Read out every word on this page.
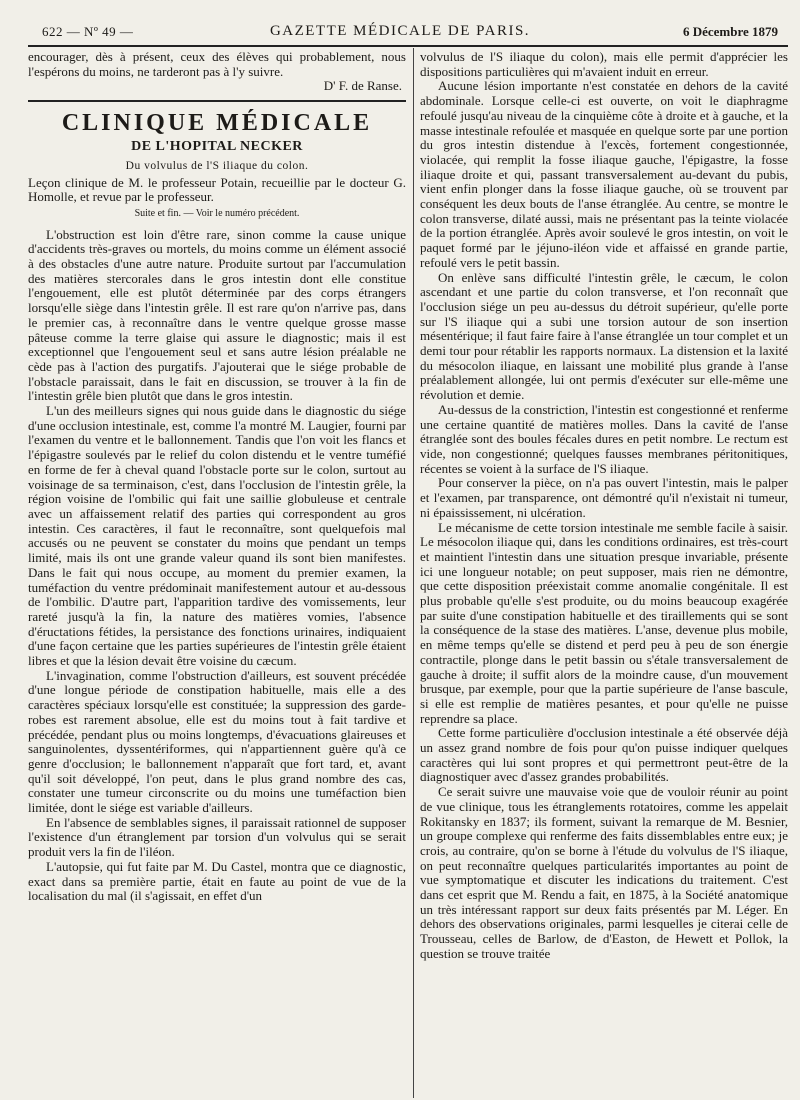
622 — Nº 49 —	GAZETTE MÉDICALE DE PARIS.	6 Décembre 1879

encourager, dès à présent, ceux des élèves qui probablement, nous l'espérons du moins, ne tarderont pas à l'y suivre.

D' F. de Ranse.
CLINIQUE MÉDICALE
DE L'HOPITAL NECKER
Du volvulus de l'S iliaque du colon.

Leçon clinique de M. le professeur Potain, recueillie par le docteur G. Homolle, et revue par le professeur.

Suite et fin. — Voir le numéro précédent.

L'obstruction est loin d'être rare, sinon comme la cause unique d'accidents très-graves ou mortels, du moins comme un élément associé à des obstacles d'une autre nature. Produite surtout par l'accumulation des matières stercorales dans le gros intestin dont elle constitue l'engouement, elle est plutôt déterminée par des corps étrangers lorsqu'elle siège dans l'intestin grêle. Il est rare qu'on n'arrive pas, dans le premier cas, à reconnaître dans le ventre quelque grosse masse pâteuse comme la terre glaise qui assure le diagnostic; mais il est exceptionnel que l'engouement seul et sans autre lésion préalable ne cède pas à l'action des purgatifs. J'ajouterai que le siége probable de l'obstacle paraissait, dans le fait en discussion, se trouver à la fin de l'intestin grêle bien plutôt que dans le gros intestin.

L'un des meilleurs signes qui nous guide dans le diagnostic du siége d'une occlusion intestinale, est, comme l'a montré M. Laugier, fourni par l'examen du ventre et le ballonnement. Tandis que l'on voit les flancs et l'épigastre soulevés par le relief du colon distendu et le ventre tuméfié en forme de fer à cheval quand l'obstacle porte sur le colon, surtout au voisinage de sa terminaison, c'est, dans l'occlusion de l'intestin grêle, la région voisine de l'ombilic qui fait une saillie globuleuse et centrale avec un affaissement relatif des parties qui correspondent au gros intestin. Ces caractères, il faut le reconnaître, sont quelquefois mal accusés ou ne peuvent se constater du moins que pendant un temps limité, mais ils ont une grande valeur quand ils sont bien manifestes. Dans le fait qui nous occupe, au moment du premier examen, la tuméfaction du ventre prédominait manifestement autour et au-dessous de l'ombilic. D'autre part, l'apparition tardive des vomissements, leur rareté jusqu'à la fin, la nature des matières vomies, l'absence d'éructations fétides, la persistance des fonctions urinaires, indiquaient d'une façon certaine que les parties supérieures de l'intestin grêle étaient libres et que la lésion devait être voisine du cæcum.

L'invagination, comme l'obstruction d'ailleurs, est souvent précédée d'une longue période de constipation habituelle, mais elle a des caractères spéciaux lorsqu'elle est constituée; la suppression des garde-robes est rarement absolue, elle est du moins tout à fait tardive et précédée, pendant plus ou moins longtemps, d'évacuations glaireuses et sanguinolentes, dyssentériformes, qui n'appartiennent guère qu'à ce genre d'occlusion; le ballonnement n'apparaît que fort tard, et, avant qu'il soit développé, l'on peut, dans le plus grand nombre des cas, constater une tumeur circonscrite ou du moins une tuméfaction bien limitée, dont le siége est variable d'ailleurs.

En l'absence de semblables signes, il paraissait rationnel de supposer l'existence d'un étranglement par torsion d'un volvulus qui se serait produit vers la fin de l'iléon.

L'autopsie, qui fut faite par M. Du Castel, montra que ce diagnostic, exact dans sa première partie, était en faute au point de vue de la localisation du mal (il s'agissait, en effet d'un

volvulus de l'S iliaque du colon), mais elle permit d'apprécier les dispositions particulières qui m'avaient induit en erreur.

Aucune lésion importante n'est constatée en dehors de la cavité abdominale. Lorsque celle-ci est ouverte, on voit le diaphragme refoulé jusqu'au niveau de la cinquième côte à droite et à gauche, et la masse intestinale refoulée et masquée en quelque sorte par une portion du gros intestin distendue à l'excès, fortement congestionnée, violacée, qui remplit la fosse iliaque gauche, l'épigastre, la fosse iliaque droite et qui, passant transversalement au-devant du pubis, vient enfin plonger dans la fosse iliaque gauche, où se trouvent par conséquent les deux bouts de l'anse étranglée. Au centre, se montre le colon transverse, dilaté aussi, mais ne présentant pas la teinte violacée de la portion étranglée. Après avoir soulevé le gros intestin, on voit le paquet formé par le jéjuno-iléon vide et affaissé en grande partie, refoulé vers le petit bassin.

On enlève sans difficulté l'intestin grêle, le cæcum, le colon ascendant et une partie du colon transverse, et l'on reconnaît que l'occlusion siége un peu au-dessus du détroit supérieur, qu'elle porte sur l'S iliaque qui a subi une torsion autour de son insertion mésentérique; il faut faire faire à l'anse étranglée un tour complet et un demi tour pour rétablir les rapports normaux. La distension et la laxité du mésocolon iliaque, en laissant une mobilité plus grande à l'anse préalablement allongée, lui ont permis d'exécuter sur elle-même une révolution et demie.

Au-dessus de la constriction, l'intestin est congestionné et renferme une certaine quantité de matières molles. Dans la cavité de l'anse étranglée sont des boules fécales dures en petit nombre. Le rectum est vide, non congestionné; quelques fausses membranes péritonitiques, récentes se voient à la surface de l'S iliaque.

Pour conserver la pièce, on n'a pas ouvert l'intestin, mais le palper et l'examen, par transparence, ont démontré qu'il n'existait ni tumeur, ni épaississement, ni ulcération.

Le mécanisme de cette torsion intestinale me semble facile à saisir. Le mésocolon iliaque qui, dans les conditions ordinaires, est très-court et maintient l'intestin dans une situation presque invariable, présente ici une longueur notable; on peut supposer, mais rien ne démontre, que cette disposition préexistait comme anomalie congénitale. Il est plus probable qu'elle s'est produite, ou du moins beaucoup exagérée par suite d'une constipation habituelle et des tiraillements qui se sont la conséquence de la stase des matières. L'anse, devenue plus mobile, en même temps qu'elle se distend et perd peu à peu de son énergie contractile, plonge dans le petit bassin ou s'étale transversalement de gauche à droite; il suffit alors de la moindre cause, d'un mouvement brusque, par exemple, pour que la partie supérieure de l'anse bascule, si elle est remplie de matières pesantes, et pour qu'elle ne puisse reprendre sa place.

Cette forme particulière d'occlusion intestinale a été observée déjà un assez grand nombre de fois pour qu'on puisse indiquer quelques caractères qui lui sont propres et qui permettront peut-être de la diagnostiquer avec d'assez grandes probabilités.

Ce serait suivre une mauvaise voie que de vouloir réunir au point de vue clinique, tous les étranglements rotatoires, comme les appelait Rokitansky en 1837; ils forment, suivant la remarque de M. Besnier, un groupe complexe qui renferme des faits dissemblables entre eux; je crois, au contraire, qu'on se borne à l'étude du volvulus de l'S iliaque, on peut reconnaître quelques particularités importantes au point de vue symptomatique et discuter les indications du traitement. C'est dans cet esprit que M. Rendu a fait, en 1875, à la Société anatomique un très intéressant rapport sur deux faits présentés par M. Léger. En dehors des observations originales, parmi lesquelles je citerai celle de Trousseau, celles de Barlow, de d'Easton, de Hewett et Pollok, la question se trouve traitée
